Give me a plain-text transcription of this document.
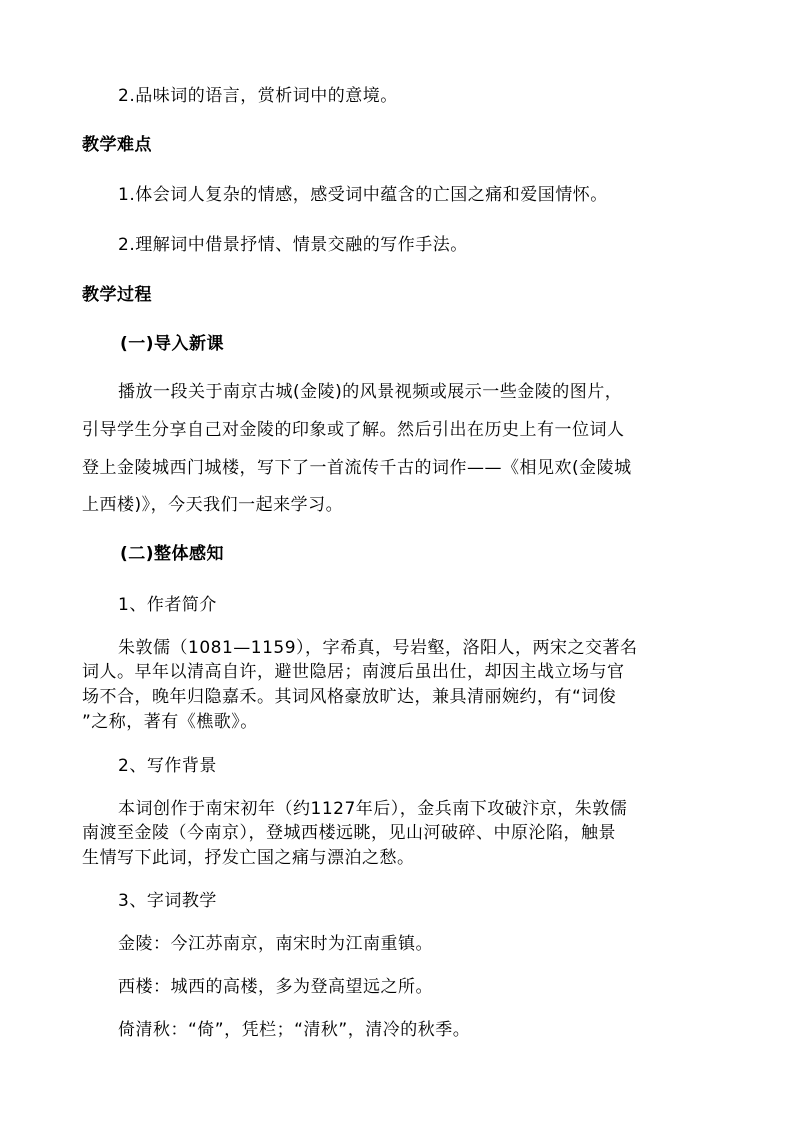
2.品味词的语言，赏析词中的意境。
教学难点
1.体会词人复杂的情感，感受词中蕴含的亡国之痛和爱国情怀。
2.理解词中借景抒情、情景交融的写作手法。
教学过程
(一)导入新课
播放一段关于南京古城(金陵)的风景视频或展示一些金陵的图片，
引导学生分享自己对金陵的印象或了解。然后引出在历史上有一位词人
登上金陵城西门城楼，写下了一首流传千古的词作——《相见欢(金陵城
上西楼)》，今天我们一起来学习。
(二)整体感知
1、作者简介
朱敦儒（1081—1159），字希真，号岩壑，洛阳人，两宋之交著名
词人。早年以清高自许，避世隐居；南渡后虽出仕，却因主战立场与官
场不合，晚年归隐嘉禾。其词风格豪放旷达，兼具清丽婉约，有“词俊
”之称，著有《樵歌》。
2、写作背景
本词创作于南宋初年（约1127年后），金兵南下攻破汴京，朱敦儒
南渡至金陵（今南京），登城西楼远眺，见山河破碎、中原沦陷，触景
生情写下此词，抒发亡国之痛与漂泊之愁。
3、字词教学
金陵：今江苏南京，南宋时为江南重镇。
西楼：城西的高楼，多为登高望远之所。
倚清秋：“倚”，凭栏；“清秋”，清冷的秋季。
